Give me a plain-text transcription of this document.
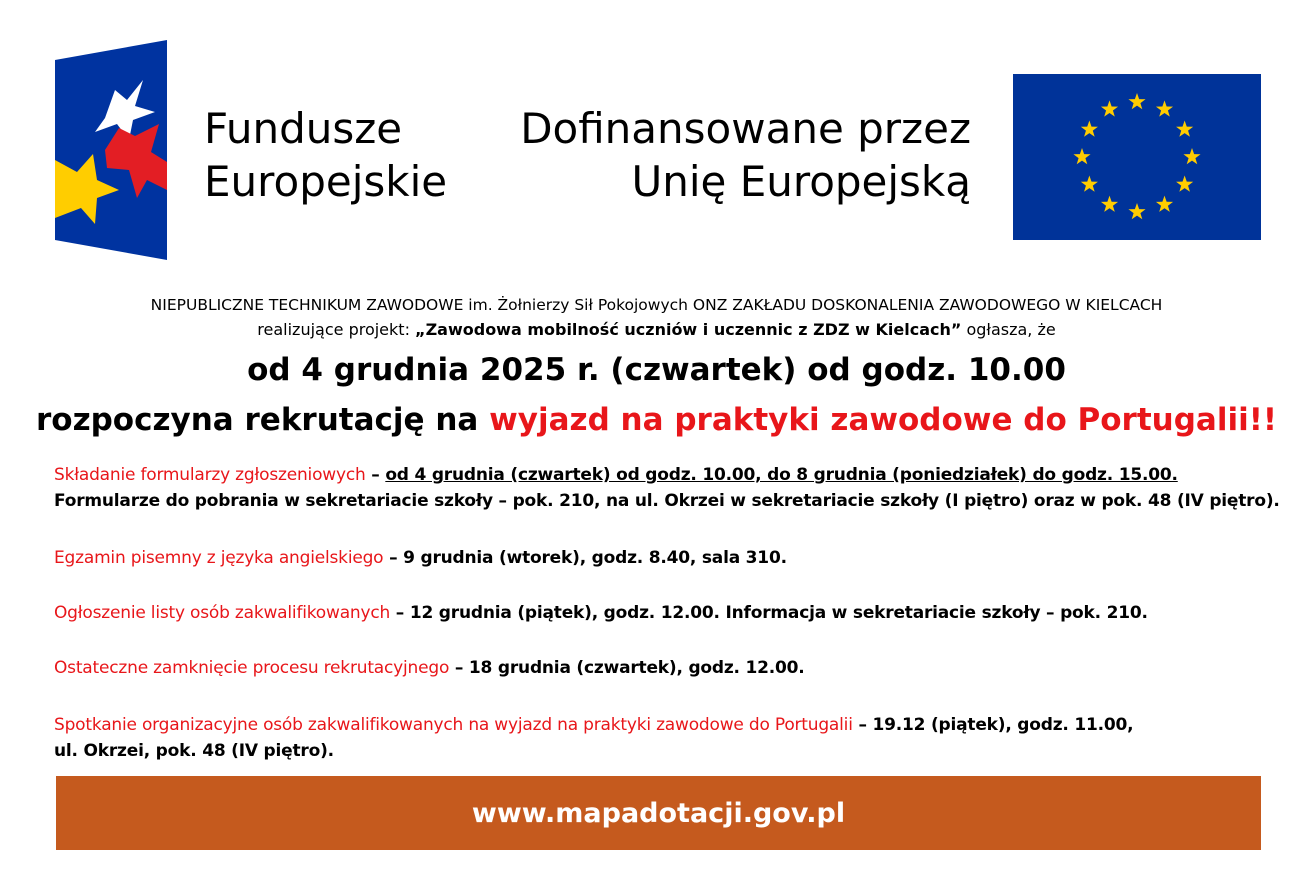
Fundusze
Europejskie
Dofinansowane przez
Unię Europejską
NIEPUBLICZNE TECHNIKUM ZAWODOWE im. Żołnierzy Sił Pokojowych ONZ ZAKŁADU DOSKONALENIA ZAWODOWEGO W KIELCACH
realizujące projekt: „Zawodowa mobilność uczniów i uczennic z ZDZ w Kielcach” ogłasza, że
od 4 grudnia 2025 r. (czwartek) od godz. 10.00
rozpoczyna rekrutację na wyjazd na praktyki zawodowe do Portugalii!!
Składanie formularzy zgłoszeniowych – od 4 grudnia (czwartek) od godz. 10.00, do 8 grudnia (poniedziałek) do godz. 15.00.
Formularze do pobrania w sekretariacie szkoły – pok. 210, na ul. Okrzei w sekretariacie szkoły (I piętro) oraz w pok. 48 (IV piętro).
Egzamin pisemny z języka angielskiego – 9 grudnia (wtorek), godz. 8.40, sala 310.
Ogłoszenie listy osób zakwalifikowanych – 12 grudnia (piątek), godz. 12.00. Informacja w sekretariacie szkoły – pok. 210.
Ostateczne zamknięcie procesu rekrutacyjnego – 18 grudnia (czwartek), godz. 12.00.
Spotkanie organizacyjne osób zakwalifikowanych na wyjazd na praktyki zawodowe do Portugalii – 19.12 (piątek), godz. 11.00,
ul. Okrzei, pok. 48 (IV piętro).
www.mapadotacji.gov.pl
